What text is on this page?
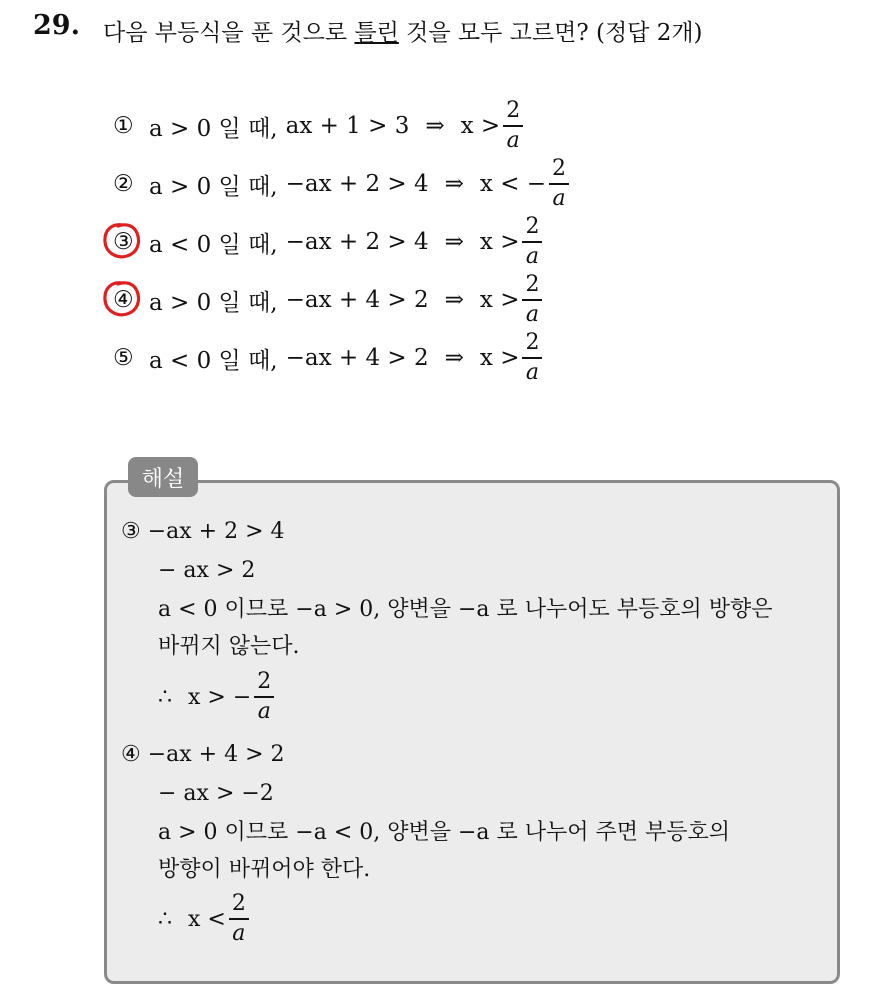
29. 다음 부등식을 푼 것으로 틀린 것을 모두 고르면? (정답 2개)
① a > 0 일 때, ax + 1 > 3 ⇒ $x > \frac{2}{a}$
② a > 0 일 때, −ax + 2 > 4 ⇒ x < − $\frac{2}{a}$
③ a < 0 일 때, −ax + 2 > 4 ⇒ $x > \frac{2}{a}$
④ a > 0 일 때, −ax + 4 > 2 ⇒ $x > \frac{2}{a}$
⑤ a < 0 일 때, −ax + 4 > 2 ⇒ $x > \frac{2}{a}$
해설
③ −ax + 2 > 4
− ax > 2
a < 0 이므로 −a > 0, 양변을 −a 로 나누어도 부등호의 방향은
바뀌지 않는다.
∴ x > − $\frac{2}{a}$
④ −ax + 4 > 2
− ax > −2
a > 0 이므로 −a < 0, 양변을 −a 로 나누어 주면 부등호의
방향이 바뀌어야 한다.
∴ $x < \frac{2}{a}$
